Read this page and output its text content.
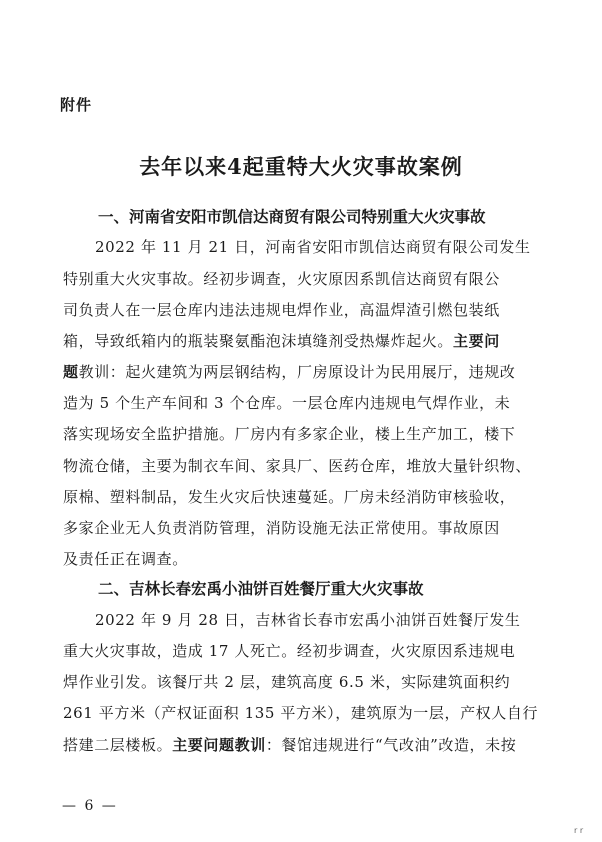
附件
去年以来4起重特大火灾事故案例
一、河南省安阳市凯信达商贸有限公司特别重大火灾事故
2022 年 11 月 21 日，河南省安阳市凯信达商贸有限公司发生
特别重大火灾事故。经初步调查，火灾原因系凯信达商贸有限公
司负责人在一层仓库内违法违规电焊作业，高温焊渣引燃包装纸
箱，导致纸箱内的瓶装聚氨酯泡沫填缝剂受热爆炸起火。主要问
题教训：起火建筑为两层钢结构，厂房原设计为民用展厅，违规改
造为 5 个生产车间和 3 个仓库。一层仓库内违规电气焊作业，未
落实现场安全监护措施。厂房内有多家企业，楼上生产加工，楼下
物流仓储，主要为制衣车间、家具厂、医药仓库，堆放大量针织物、
原棉、塑料制品，发生火灾后快速蔓延。厂房未经消防审核验收，
多家企业无人负责消防管理，消防设施无法正常使用。事故原因
及责任正在调查。
二、吉林长春宏禹小油饼百姓餐厅重大火灾事故
2022 年 9 月 28 日，吉林省长春市宏禹小油饼百姓餐厅发生
重大火灾事故，造成 17 人死亡。经初步调查，火灾原因系违规电
焊作业引发。该餐厅共 2 层，建筑高度 6.5 米，实际建筑面积约
261 平方米（产权证面积 135 平方米），建筑原为一层，产权人自行
搭建二层楼板。主要问题教训：餐馆违规进行“气改油”改造，未按
— 6 —
r r
